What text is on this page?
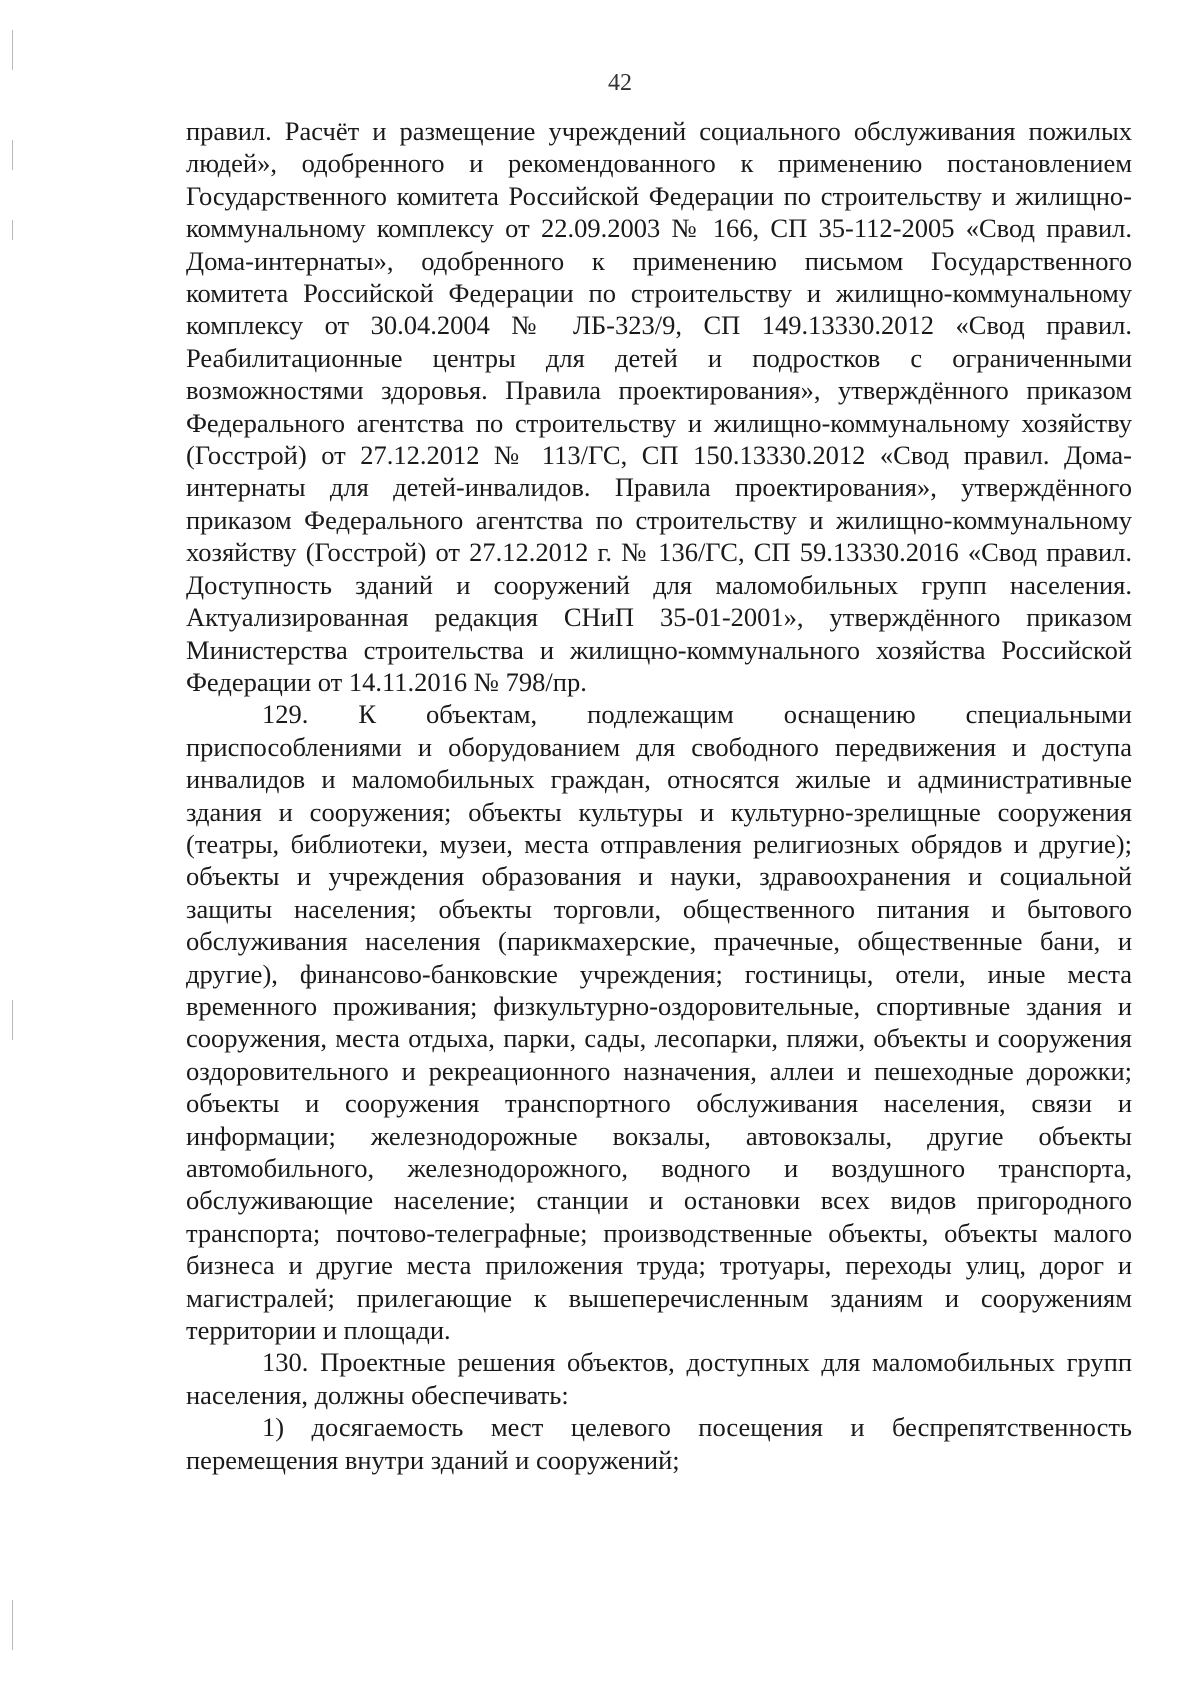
42

правил. Расчёт и размещение учреждений социального обслуживания пожилых людей», одобренного и рекомендованного к применению постановлением Государственного комитета Российской Федерации по строительству и жилищно-коммунальному комплексу от 22.09.2003 № 166, СП 35-112-2005 «Свод правил. Дома-интернаты», одобренного к применению письмом Государственного комитета Российской Федерации по строительству и жилищно-коммунальному комплексу от 30.04.2004 № ЛБ-323/9, СП 149.13330.2012 «Свод правил. Реабилитационные центры для детей и подростков с ограниченными возможностями здоровья. Правила проектирования», утверждённого приказом Федерального агентства по строительству и жилищно-коммунальному хозяйству (Госстрой) от 27.12.2012 № 113/ГС, СП 150.13330.2012 «Свод правил. Дома-интернаты для детей-инвалидов. Правила проектирования», утверждённого приказом Федерального агентства по строительству и жилищно-коммунальному хозяйству (Госстрой) от 27.12.2012 г. № 136/ГС, СП 59.13330.2016 «Свод правил. Доступность зданий и сооружений для маломобильных групп населения. Актуализированная редакция СНиП 35-01-2001», утверждённого приказом Министерства строительства и жилищно-коммунального хозяйства Российской Федерации от 14.11.2016 № 798/пр.

129. К объектам, подлежащим оснащению специальными приспособлениями и оборудованием для свободного передвижения и доступа инвалидов и маломобильных граждан, относятся жилые и административные здания и сооружения; объекты культуры и культурно-зрелищные сооружения (театры, библиотеки, музеи, места отправления религиозных обрядов и другие); объекты и учреждения образования и науки, здравоохранения и социальной защиты населения; объекты торговли, общественного питания и бытового обслуживания населения (парикмахерские, прачечные, общественные бани, и другие), финансово-банковские учреждения; гостиницы, отели, иные места временного проживания; физкультурно-оздоровительные, спортивные здания и сооружения, места отдыха, парки, сады, лесопарки, пляжи, объекты и сооружения оздоровительного и рекреационного назначения, аллеи и пешеходные дорожки; объекты и сооружения транспортного обслуживания населения, связи и информации; железнодорожные вокзалы, автовокзалы, другие объекты автомобильного, железнодорожного, водного и воздушного транспорта, обслуживающие население; станции и остановки всех видов пригородного транспорта; почтово-телеграфные; производственные объекты, объекты малого бизнеса и другие места приложения труда; тротуары, переходы улиц, дорог и магистралей; прилегающие к вышеперечисленным зданиям и сооружениям территории и площади.

130. Проектные решения объектов, доступных для маломобильных групп населения, должны обеспечивать:

1) досягаемость мест целевого посещения и беспрепятственность перемещения внутри зданий и сооружений;
